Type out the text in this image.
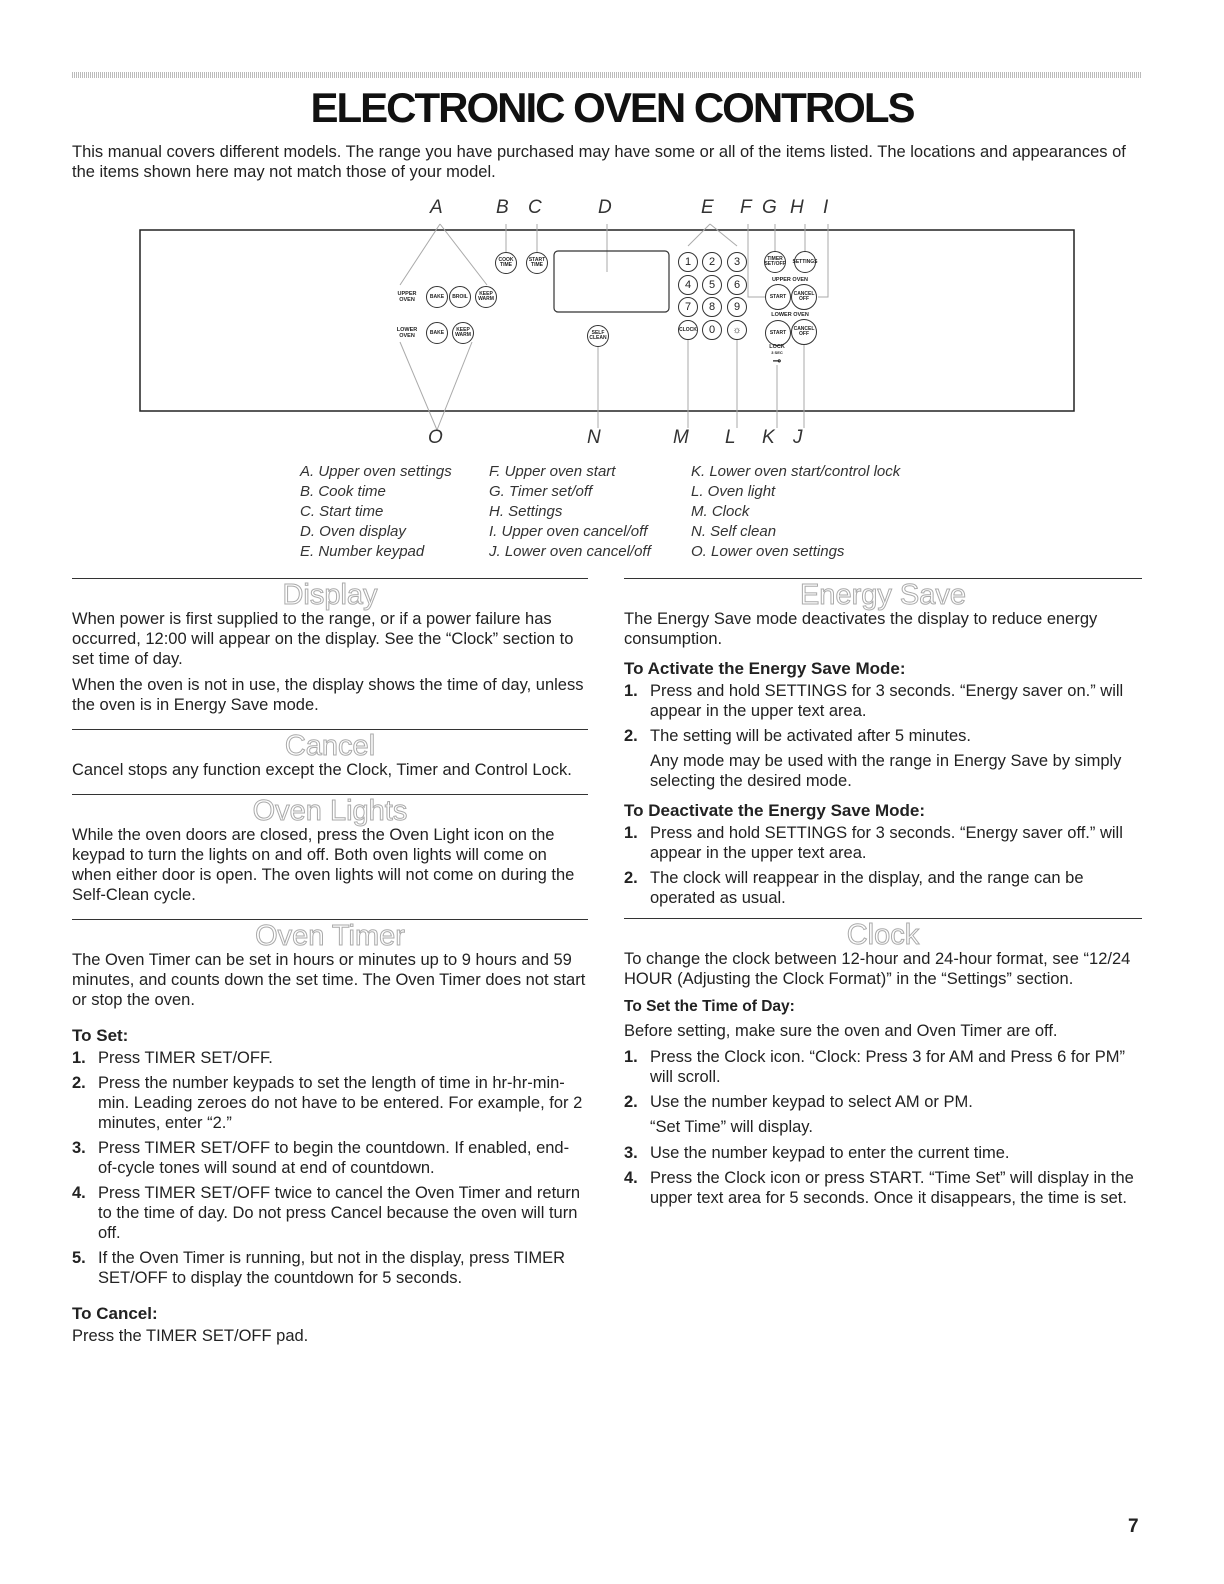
ELECTRONIC OVEN CONTROLS
This manual covers different models. The range you have purchased may have some or all of the items listed. The locations and appearances of the items shown here may not match those of your model.
A	B C	D	E F G H I
O	N	M L K J
COOK TIME
START TIME
UPPER OVEN
BAKE	BROIL	KEEP WARM
LOWER OVEN
BAKE	KEEP WARM	SELF CLEAN
1	2	3
4	5	6
7	8	9
CLOCK	0	☼
TIMER SET/OFF SETTINGS
UPPER OVEN
START	CANCEL
OFF
LOWER OVEN
START
CANCEL
OFF
LOCK
3 SEC
⊸
A. Upper oven settings
B. Cook time
C. Start time
D. Oven display
E. Number keypad
F. Upper oven start
G. Timer set/off
H. Settings
I. Upper oven cancel/off
J. Lower oven cancel/off
K. Lower oven start/control lock
L. Oven light
M. Clock
N. Self clean
O. Lower oven settings
Display

When power is first supplied to the range, or if a power failure has occurred, 12:00 will appear on the display. See the “Clock” section to set time of day.

When the oven is not in use, the display shows the time of day, unless the oven is in Energy Save mode.

Cancel

Cancel stops any function except the Clock, Timer and Control Lock.

Oven Lights

While the oven doors are closed, press the Oven Light icon on the keypad to turn the lights on and off. Both oven lights will come on when either door is open. The oven lights will not come on during the Self-Clean cycle.

Oven Timer

The Oven Timer can be set in hours or minutes up to 9 hours and 59 minutes, and counts down the set time. The Oven Timer does not start or stop the oven.

To Set:
1. Press TIMER SET/OFF.
2. Press the number keypads to set the length of time in hr-hr-min-min. Leading zeroes do not have to be entered. For example, for 2 minutes, enter “2.”
3. Press TIMER SET/OFF to begin the countdown. If enabled, end-of-cycle tones will sound at end of countdown.
4. Press TIMER SET/OFF twice to cancel the Oven Timer and return to the time of day. Do not press Cancel because the oven will turn off.
5. If the Oven Timer is running, but not in the display, press TIMER SET/OFF to display the countdown for 5 seconds.
To Cancel:

Press the TIMER SET/OFF pad.

Energy Save

The Energy Save mode deactivates the display to reduce energy consumption.

To Activate the Energy Save Mode:
1. Press and hold SETTINGS for 3 seconds. “Energy saver on.” will appear in the upper text area.
2. The setting will be activated after 5 minutes.

Any mode may be used with the range in Energy Save by simply selecting the desired mode.

To Deactivate the Energy Save Mode:
1. Press and hold SETTINGS for 3 seconds. “Energy saver off.” will appear in the upper text area.
2. The clock will reappear in the display, and the range can be operated as usual.
Clock

To change the clock between 12-hour and 24-hour format, see “12/24 HOUR (Adjusting the Clock Format)” in the “Settings” section.

To Set the Time of Day:

Before setting, make sure the oven and Oven Timer are off.

1. Press the Clock icon. “Clock: Press 3 for AM and Press 6 for PM” will scroll.
2. Use the number keypad to select AM or PM.

“Set Time” will display.

3. Use the number keypad to enter the current time.
4. Press the Clock icon or press START. “Time Set” will display in the upper text area for 5 seconds. Once it disappears, the time is set.
7
